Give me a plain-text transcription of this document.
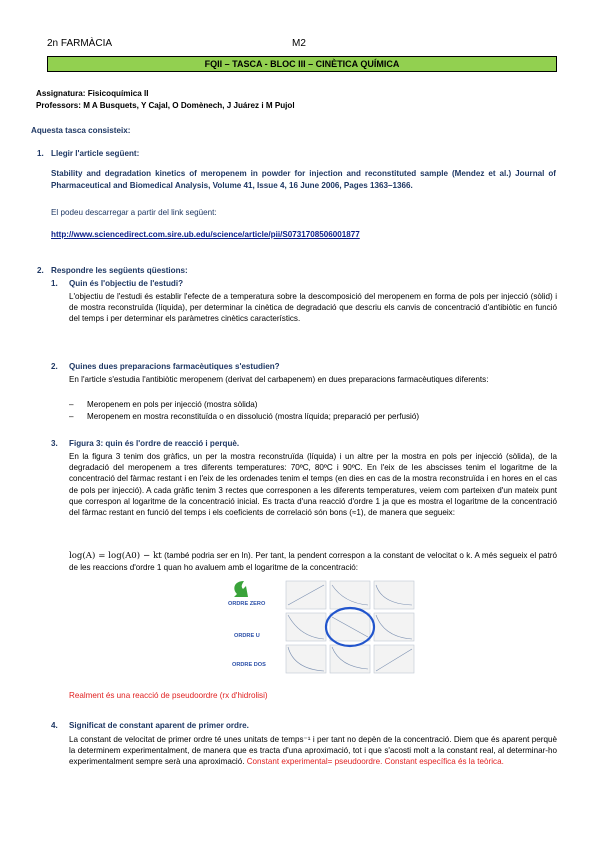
2n FARMÀCIA	M2
FQII – TASCA - BLOC III – CINÈTICA QUÍMICA
Assignatura: Fisicoquímica II
Professors: M A Busquets, Y Cajal, O Domènech, J Juárez i M Pujol
Aquesta tasca consisteix:
1. Llegir l'article següent:
Stability and degradation kinetics of meropenem in powder for injection and reconstituted sample (Mendez et al.) Journal of Pharmaceutical and Biomedical Analysis, Volume 41, Issue 4, 16 June 2006, Pages 1363–1366.
El podeu descarregar a partir del link següent:
http://www.sciencedirect.com.sire.ub.edu/science/article/pii/S0731708506001877
2. Respondre les següents qüestions:
1. Quin és l'objectiu de l'estudi?
L'objectiu de l'estudi és establir l'efecte de a temperatura sobre la descomposició del meropenem en forma de pols per injecció (sòlid) i de mostra reconstruïda (líquida), per determinar la cinètica de degradació que descriu els canvis de concentració d'antibiòtic en funció del temps i per determinar els paràmetres cinètics característics.
2. Quines dues preparacions farmacèutiques s'estudien?
En l'article s'estudia l'antibiòtic meropenem (derivat del carbapenem) en dues preparacions farmacèutiques diferents:
– Meropenem en pols per injecció (mostra sòlida)
– Meropenem en mostra reconstituïda o en dissolució (mostra líquida; preparació per perfusió)
3. Figura 3: quin és l'ordre de reacció i perquè.
En la figura 3 tenim dos gràfics, un per la mostra reconstruïda (líquida) i un altre per la mostra en pols per injecció (sòlida), de la degradació del meropenem a tres diferents temperatures: 70ºC, 80ºC i 90ºC. En l'eix de les abscisses tenim el logaritme de la concentració del fàrmac restant i en l'eix de les ordenades tenim el temps (en dies en cas de la mostra reconstruïda i en hores en el cas de pols per injecció). A cada gràfic tenim 3 rectes que corresponen a les diferents temperatures, veiem com parteixen d'un mateix punt que correspon al logaritme de la concentració inicial. Es tracta d'una reacció d'ordre 1 ja que es mostra el logaritme de la concentració del fàrmac restant en funció del temps i els coeficients de correlació són bons (≈1), de manera que segueix:
log(A) = log(A0) − kt (també podria ser en ln). Per tant, la pendent correspon a la constant de velocitat o k. A més segueix el patró de les reaccions d'ordre 1 quan ho avaluem amb el logaritme de la concentració:
ORDRE ZERO
ORDRE U
ORDRE DOS
Realment és una reacció de pseudoordre (rx d'hidrolisi)
4. Significat de constant aparent de primer ordre.
La constant de velocitat de primer ordre té unes unitats de temps⁻¹ i per tant no depèn de la concentració. Diem que és aparent perquè la determinem experimentalment, de manera que es tracta d'una aproximació, tot i que s'acosti molt a la constant real, al determinar-ho experimentalment sempre serà una aproximació. Constant experimental= pseudoordre. Constant específica és la teòrica.
